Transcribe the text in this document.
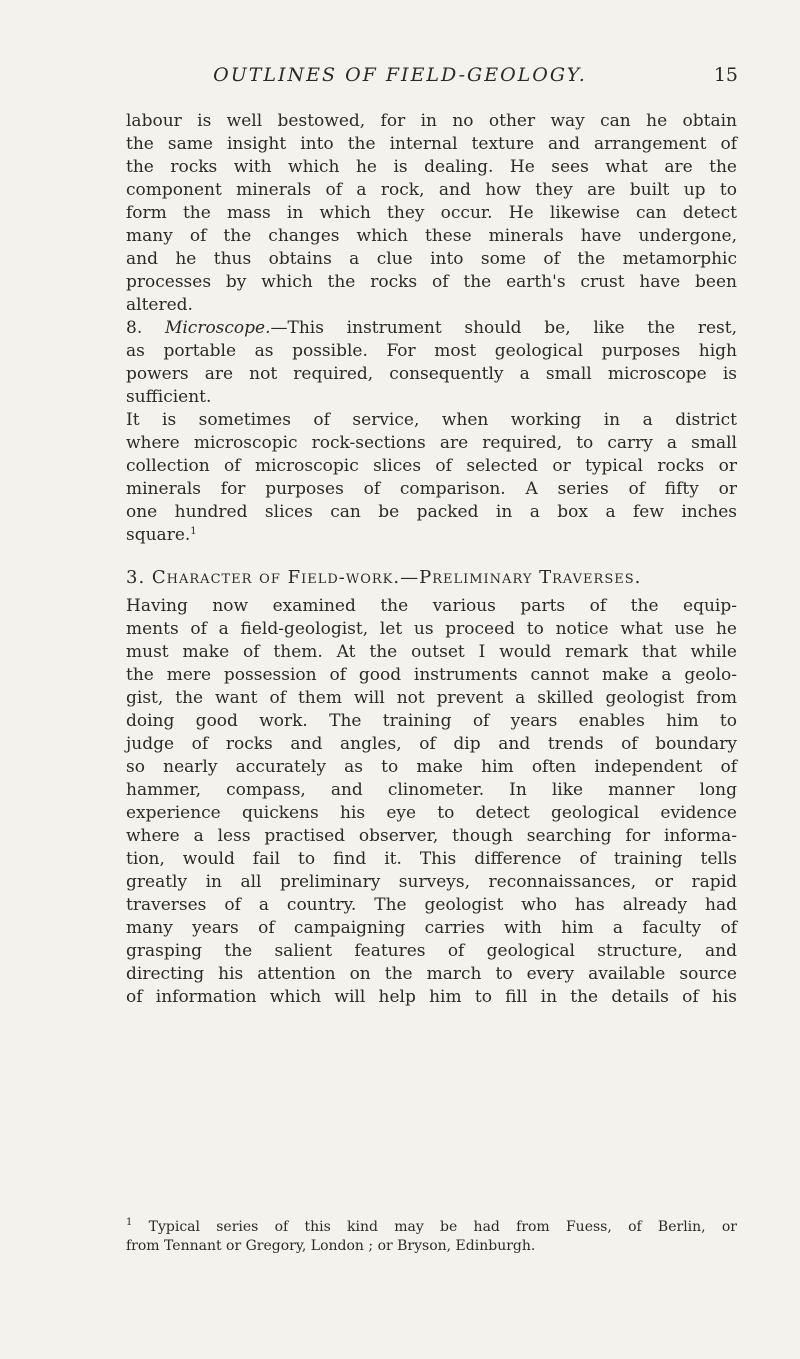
OUTLINES OF FIELD-GEOLOGY.	15
labour is well bestowed, for in no other way can he obtain
the same insight into the internal texture and arrangement of
the rocks with which he is dealing. He sees what are the
component minerals of a rock, and how they are built up to
form the mass in which they occur. He likewise can detect
many of the changes which these minerals have undergone,
and he thus obtains a clue into some of the metamorphic
processes by which the rocks of the earth's crust have been
altered.
8. Microscope.—This instrument should be, like the rest,
as portable as possible. For most geological purposes high
powers are not required, consequently a small microscope is
sufficient.
It is sometimes of service, when working in a district
where microscopic rock-sections are required, to carry a small
collection of microscopic slices of selected or typical rocks or
minerals for purposes of comparison. A series of fifty or
one hundred slices can be packed in a box a few inches
square.$^1$
3. Character of Field-work.—Preliminary Traverses.
Having now examined the various parts of the equip-
ments of a field-geologist, let us proceed to notice what use he
must make of them. At the outset I would remark that while
the mere possession of good instruments cannot make a geolo-
gist, the want of them will not prevent a skilled geologist from
doing good work. The training of years enables him to
judge of rocks and angles, of dip and trends of boundary
so nearly accurately as to make him often independent of
hammer, compass, and clinometer. In like manner long
experience quickens his eye to detect geological evidence
where a less practised observer, though searching for informa-
tion, would fail to find it. This difference of training tells
greatly in all preliminary surveys, reconnaissances, or rapid
traverses of a country. The geologist who has already had
many years of campaigning carries with him a faculty of
grasping the salient features of geological structure, and
directing his attention on the march to every available source
of information which will help him to fill in the details of his
$^1$ Typical series of this kind may be had from Fuess, of Berlin, or
from Tennant or Gregory, London ; or Bryson, Edinburgh.
